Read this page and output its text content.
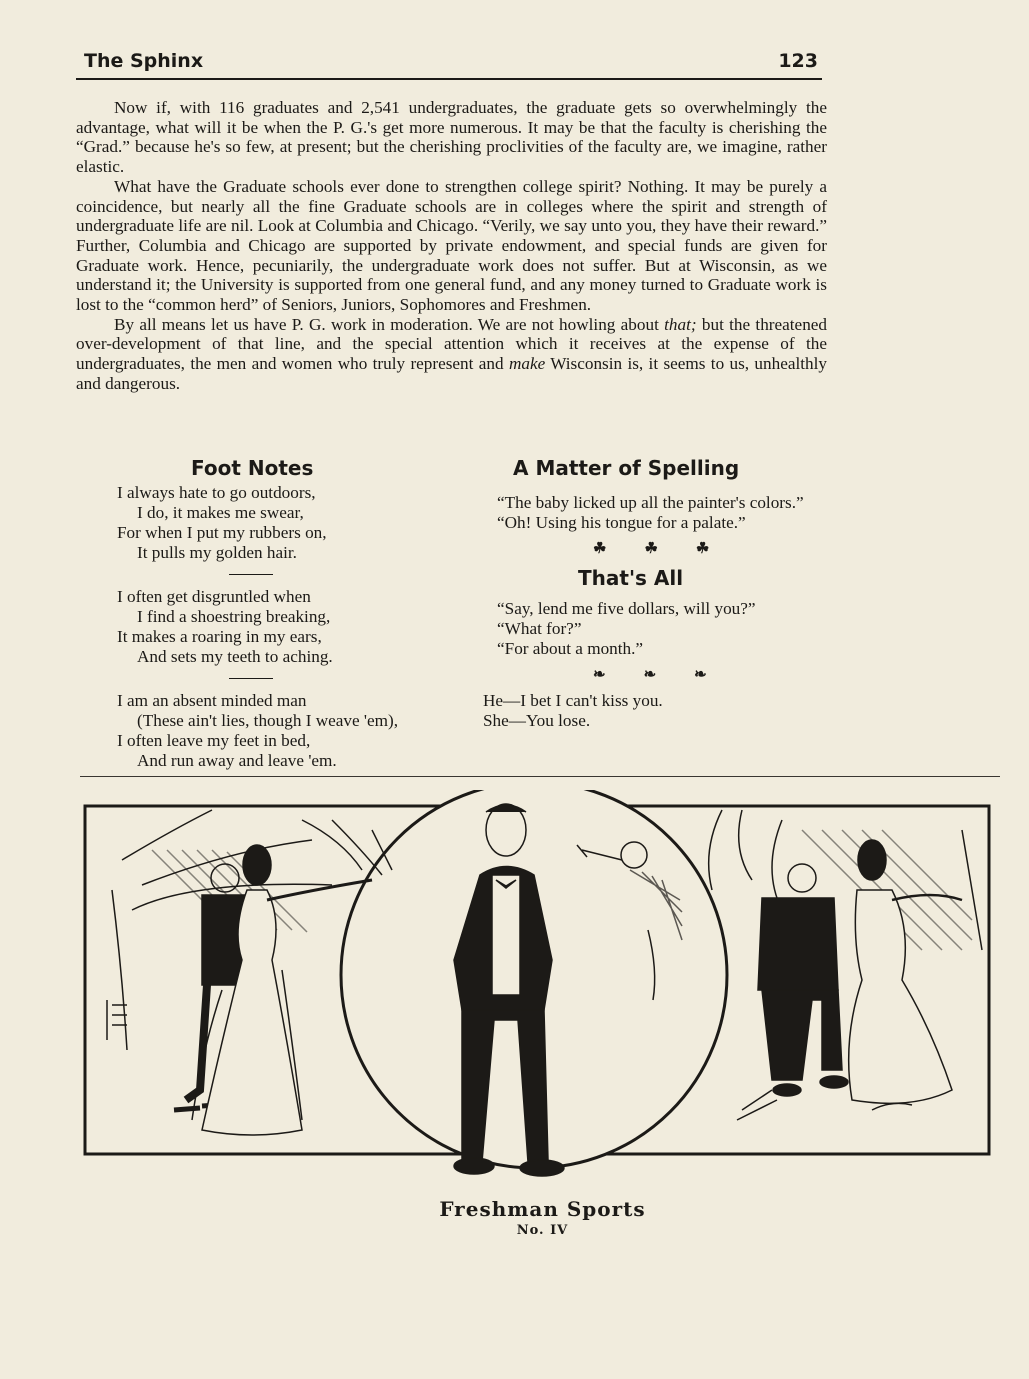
The Sphinx	123

Now if, with 116 graduates and 2,541 undergraduates, the graduate gets so overwhelmingly the advantage, what will it be when the P. G.'s get more numerous. It may be that the faculty is cherishing the “Grad.” because he's so few, at present; but the cherishing proclivities of the faculty are, we imagine, rather elastic.

What have the Graduate schools ever done to strengthen college spirit? Nothing. It may be purely a coincidence, but nearly all the fine Graduate schools are in colleges where the spirit and strength of undergraduate life are nil. Look at Columbia and Chicago. “Verily, we say unto you, they have their reward.” Further, Columbia and Chicago are supported by private endowment, and special funds are given for Graduate work. Hence, pecuniarily, the undergraduate work does not suffer. But at Wisconsin, as we understand it; the University is supported from one general fund, and any money turned to Graduate work is lost to the “common herd” of Seniors, Juniors, Sophomores and Freshmen.

By all means let us have P. G. work in moderation. We are not howling about that; but the threatened over-development of that line, and the special attention which it receives at the expense of the undergraduates, the men and women who truly represent and make Wisconsin is, it seems to us, unhealthly and dangerous.

Foot Notes
I always hate to go outdoors,
I do, it makes me swear,
For when I put my rubbers on,
It pulls my golden hair.
I often get disgruntled when
I find a shoestring breaking,
It makes a roaring in my ears,
And sets my teeth to aching.
I am an absent minded man
(These ain't lies, though I weave 'em),
I often leave my feet in bed,
And run away and leave 'em.
A Matter of Spelling
“The baby licked up all the painter's colors.”
“Oh! Using his tongue for a palate.”
☘☘☘
That's All
“Say, lend me five dollars, will you?”
“What for?”
“For about a month.”
❧❧❧
He—I bet I can't kiss you.
She—You lose.
Freshman Sports
No. IV
